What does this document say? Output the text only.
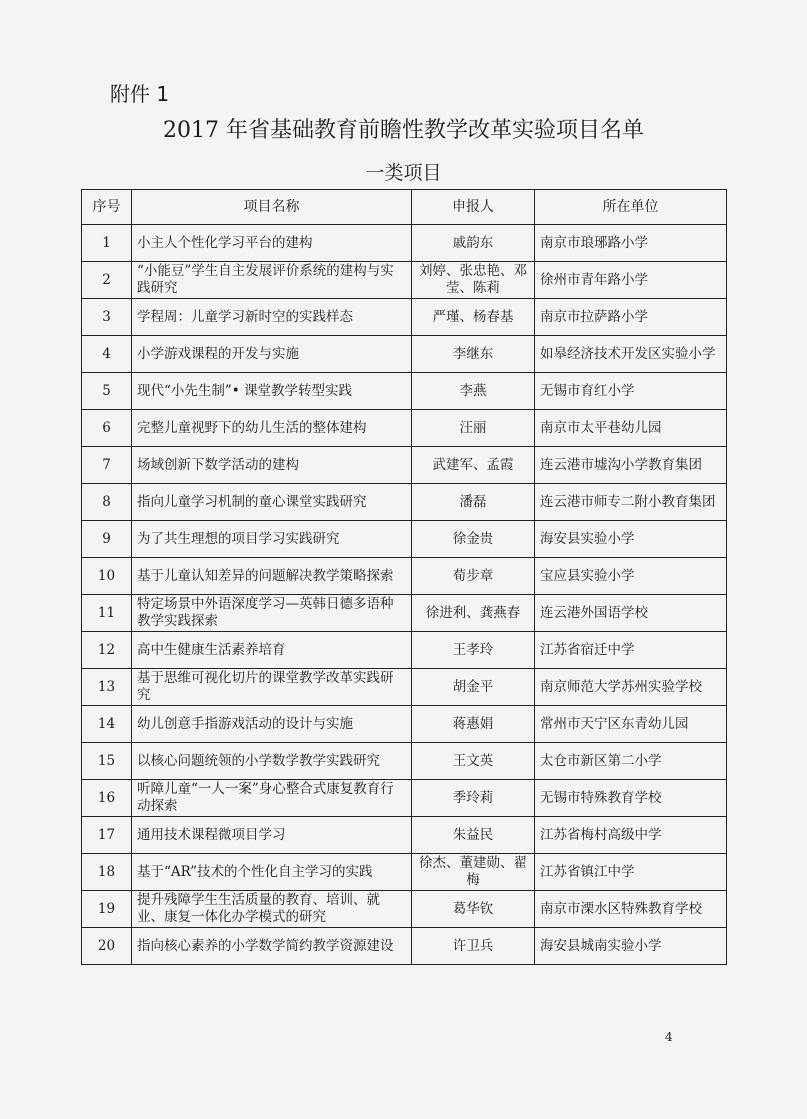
附件 1
2017 年省基础教育前瞻性教学改革实验项目名单
一类项目
序号	项目名称	申报人	所在单位
1	小主人个性化学习平台的建构	戚韵东	南京市琅琊路小学
2	“小能豆”学生自主发展评价系统的建构与实践研究	刘婷、张忠艳、邓莹、陈莉	徐州市青年路小学
3	学程周：儿童学习新时空的实践样态	严瑾、杨春基	南京市拉萨路小学
4	小学游戏课程的开发与实施	李继东	如皋经济技术开发区实验小学
5	现代“小先生制”• 课堂教学转型实践	李燕	无锡市育红小学
6	完整儿童视野下的幼儿生活的整体建构	汪丽	南京市太平巷幼儿园
7	场域创新下数学活动的建构	武建军、孟霞	连云港市墟沟小学教育集团
8	指向儿童学习机制的童心课堂实践研究	潘磊	连云港市师专二附小教育集团
9	为了共生理想的项目学习实践研究	徐金贵	海安县实验小学
10	基于儿童认知差异的问题解决教学策略探索	荀步章	宝应县实验小学
11	特定场景中外语深度学习—英韩日德多语种教学实践探索	徐进利、龚燕春	连云港外国语学校
12	高中生健康生活素养培育	王孝玲	江苏省宿迁中学
13	基于思维可视化切片的课堂教学改革实践研究	胡金平	南京师范大学苏州实验学校
14	幼儿创意手指游戏活动的设计与实施	蒋惠娟	常州市天宁区东青幼儿园
15	以核心问题统领的小学数学教学实践研究	王文英	太仓市新区第二小学
16	听障儿童“一人一案”身心整合式康复教育行动探索	季玲莉	无锡市特殊教育学校
17	通用技术课程微项目学习	朱益民	江苏省梅村高级中学
18	基于“AR”技术的个性化自主学习的实践	徐杰、董建勋、翟梅	江苏省镇江中学
19	提升残障学生生活质量的教育、培训、就业、康复一体化办学模式的研究	葛华钦	南京市溧水区特殊教育学校
20	指向核心素养的小学数学简约教学资源建设	许卫兵	海安县城南实验小学
4
